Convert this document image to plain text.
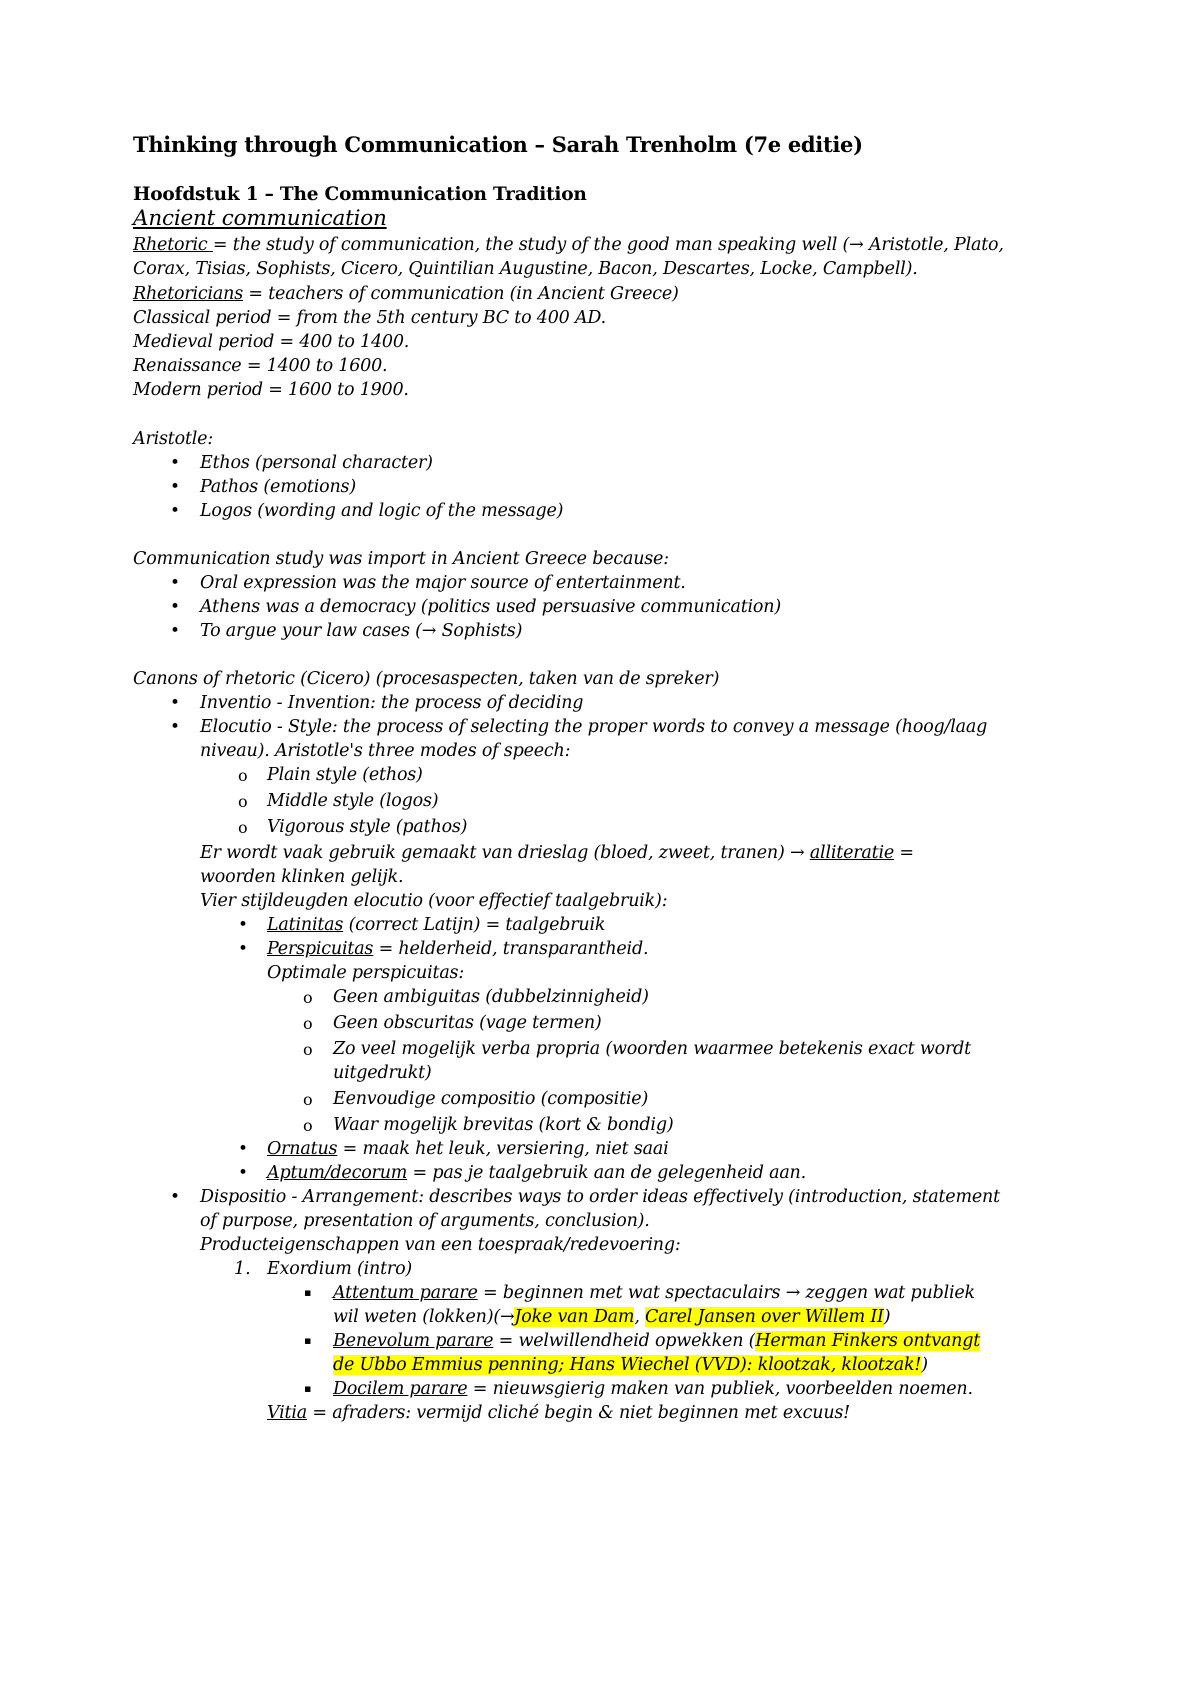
Thinking through Communication – Sarah Trenholm (7e editie)
Hoofdstuk 1 – The Communication Tradition
Ancient communication
Rhetoric = the study of communication, the study of the good man speaking well (→ Aristotle, Plato,
Corax, Tisias, Sophists, Cicero, Quintilian Augustine, Bacon, Descartes, Locke, Campbell).
Rhetoricians = teachers of communication (in Ancient Greece)
Classical period = from the 5th century BC to 400 AD.
Medieval period = 400 to 1400.
Renaissance = 1400 to 1600.
Modern period = 1600 to 1900.
Aristotle:
• Ethos (personal character)
• Pathos (emotions)
• Logos (wording and logic of the message)
Communication study was import in Ancient Greece because:
• Oral expression was the major source of entertainment.
• Athens was a democracy (politics used persuasive communication)
• To argue your law cases (→ Sophists)
Canons of rhetoric (Cicero) (procesaspecten, taken van de spreker)
• Inventio - Invention: the process of deciding
• Elocutio - Style: the process of selecting the proper words to convey a message (hoog/laag
niveau). Aristotle's three modes of speech:
o Plain style (ethos)
o Middle style (logos)
o Vigorous style (pathos)
Er wordt vaak gebruik gemaakt van drieslag (bloed, zweet, tranen) → alliteratie =
woorden klinken gelijk.
Vier stijldeugden elocutio (voor effectief taalgebruik):
• Latinitas (correct Latijn) = taalgebruik
• Perspicuitas = helderheid, transparantheid.
Optimale perspicuitas:
o Geen ambiguitas (dubbelzinnigheid)
o Geen obscuritas (vage termen)
o Zo veel mogelijk verba propria (woorden waarmee betekenis exact wordt
uitgedrukt)
o Eenvoudige compositio (compositie)
o Waar mogelijk brevitas (kort & bondig)
• Ornatus = maak het leuk, versiering, niet saai
• Aptum/decorum = pas je taalgebruik aan de gelegenheid aan.
• Dispositio - Arrangement: describes ways to order ideas effectively (introduction, statement
of purpose, presentation of arguments, conclusion).
Producteigenschappen van een toespraak/redevoering:
1. Exordium (intro)
▪ Attentum parare = beginnen met wat spectaculairs → zeggen wat publiek
wil weten (lokken)(→Joke van Dam, Carel Jansen over Willem II)
▪ Benevolum parare = welwillendheid opwekken (Herman Finkers ontvangt
de Ubbo Emmius penning; Hans Wiechel (VVD): klootzak, klootzak!)
▪ Docilem parare = nieuwsgierig maken van publiek, voorbeelden noemen.
Vitia = afraders: vermijd cliché begin & niet beginnen met excuus!
